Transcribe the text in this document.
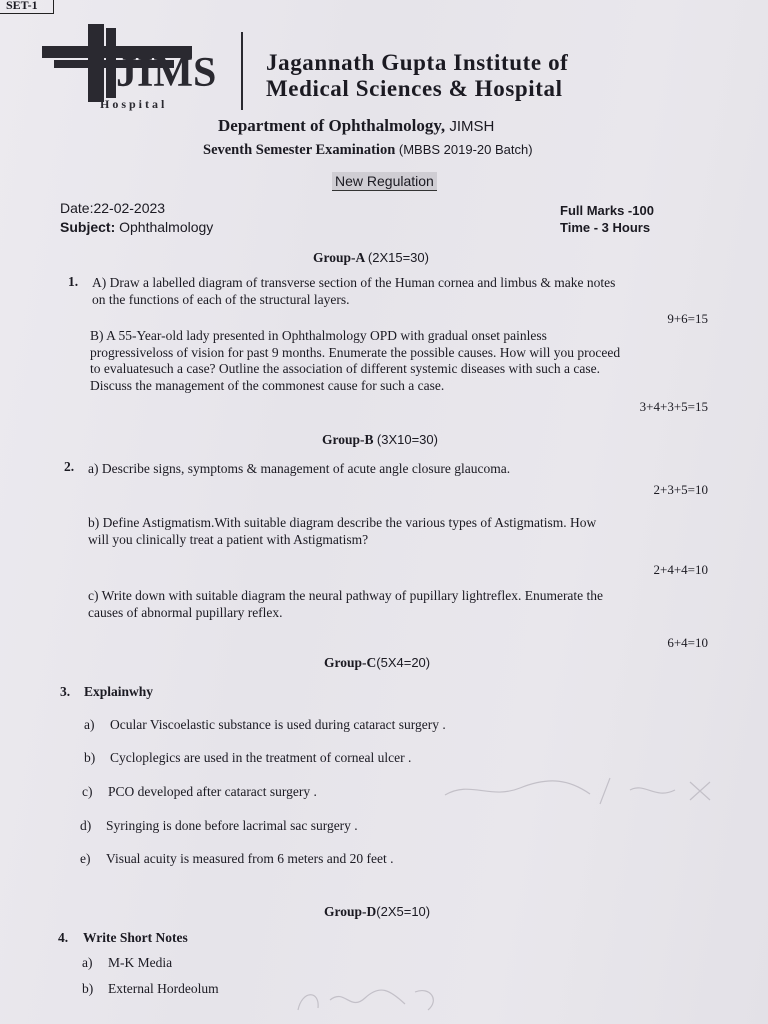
SET-1
JIMS
H o s p i t a l
Jagannath Gupta Institute of
Medical Sciences & Hospital
Department of Ophthalmology, JIMSH
Seventh Semester Examination (MBBS 2019-20 Batch)
New Regulation
Date:22-02-2023
Subject: Ophthalmology
Full Marks -100
Time - 3 Hours
Group-A (2X15=30)
1. A) Draw a labelled diagram of transverse section of the Human cornea and limbus & make notes
on the functions of each of the structural layers.
9+6=15
B) A 55-Year-old lady presented in Ophthalmology OPD with gradual onset painless
progressiveloss of vision for past 9 months. Enumerate the possible causes. How will you proceed
to evaluatesuch a case? Outline the association of different systemic diseases with such a case.
Discuss the management of the commonest cause for such a case.
3+4+3+5=15
Group-B (3X10=30)
2. a) Describe signs, symptoms & management of acute angle closure glaucoma.
2+3+5=10
b) Define Astigmatism.With suitable diagram describe the various types of Astigmatism. How
will you clinically treat a patient with Astigmatism?
2+4+4=10
c) Write down with suitable diagram the neural pathway of pupillary lightreflex. Enumerate the
causes of abnormal pupillary reflex.
6+4=10
Group-C(5X4=20)
3. Explainwhy
a) Ocular Viscoelastic substance is used during cataract surgery .
b) Cycloplegics are used in the treatment of corneal ulcer .
c) PCO developed after cataract surgery .
d) Syringing is done before lacrimal sac surgery .
e) Visual acuity is measured from 6 meters and 20 feet .
Group-D(2X5=10)
4. Write Short Notes
a) M-K Media
b) External Hordeolum
